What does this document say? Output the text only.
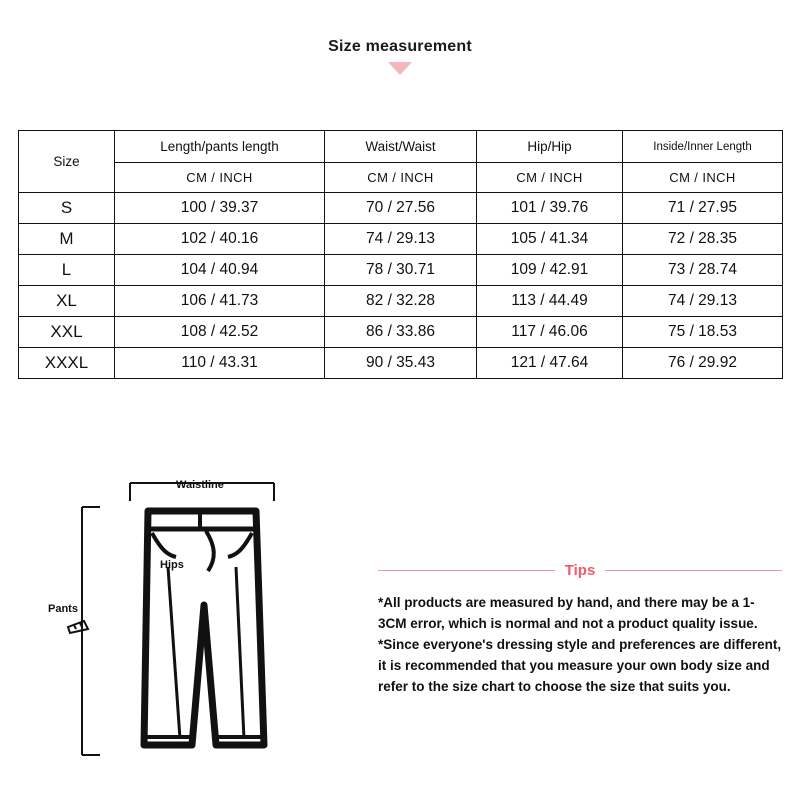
Size measurement
Size	Length/pants length	Waist/Waist	Hip/Hip	Inside/Inner Length
	CM / INCH	CM / INCH	CM / INCH	CM / INCH
S	100 / 39.37	70 / 27.56	101 / 39.76	71 / 27.95
M	102 / 40.16	74 / 29.13	105 / 41.34	72 / 28.35
L	104 / 40.94	78 / 30.71	109 / 42.91	73 / 28.74
XL	106 / 41.73	82 / 32.28	113 / 44.49	74 / 29.13
XXL	108 / 42.52	86 / 33.86	117 / 46.06	75 / 18.53
XXXL	110 / 43.31	90 / 35.43	121 / 47.64	76 / 29.92
Waistline
Hips
Pants
Tips
*All products are measured by hand, and there may be a 1-3CM error, which is normal and not a product quality issue. *Since everyone's dressing style and preferences are different, it is recommended that you measure your own body size and refer to the size chart to choose the size that suits you.
